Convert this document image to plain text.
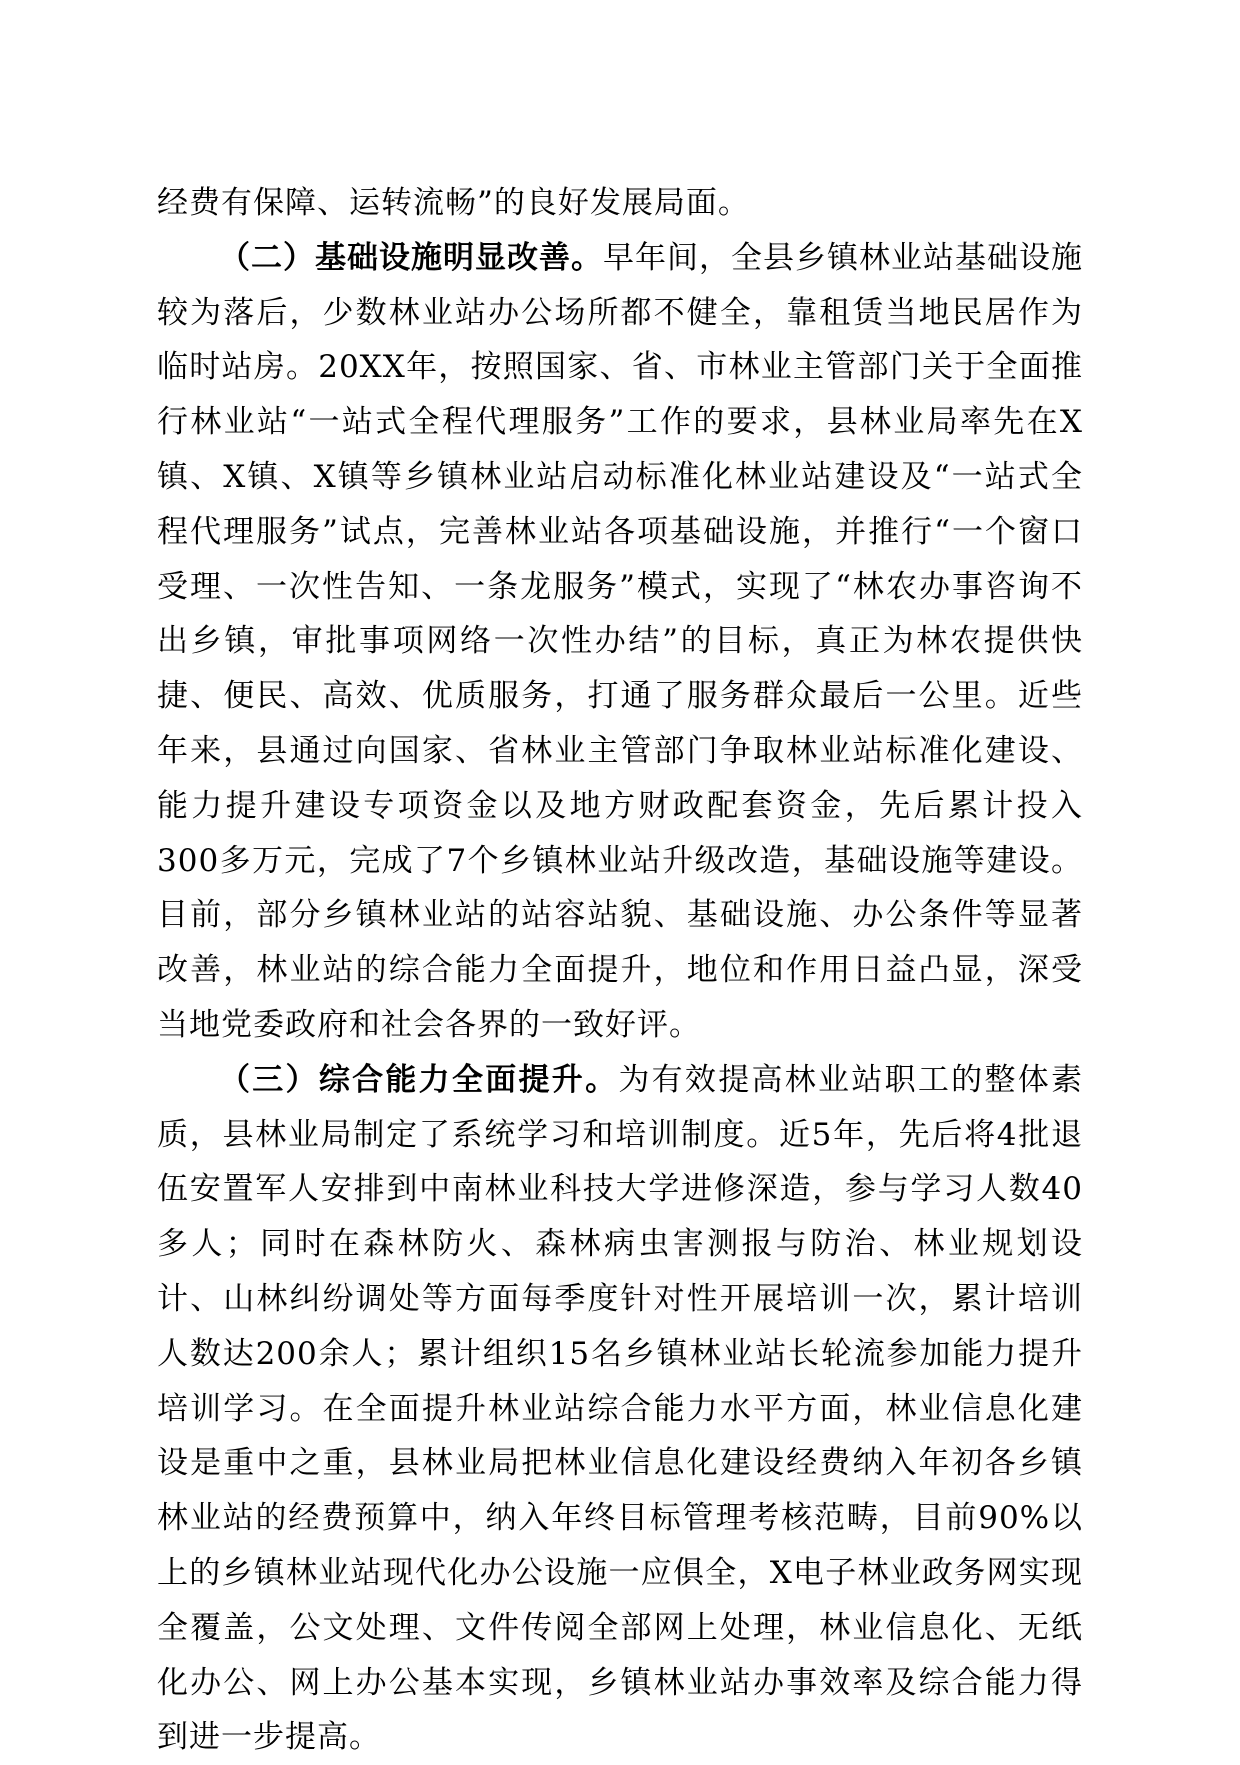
经费有保障、运转流畅”的良好发展局面。

（二）基础设施明显改善。早年间，全县乡镇林业站基础设施较为落后，少数林业站办公场所都不健全，靠租赁当地民居作为临时站房。20XX年，按照国家、省、市林业主管部门关于全面推行林业站“一站式全程代理服务”工作的要求，县林业局率先在X镇、X镇、X镇等乡镇林业站启动标准化林业站建设及“一站式全程代理服务”试点，完善林业站各项基础设施，并推行“一个窗口受理、一次性告知、一条龙服务”模式，实现了“林农办事咨询不出乡镇，审批事项网络一次性办结”的目标，真正为林农提供快捷、便民、高效、优质服务，打通了服务群众最后一公里。近些年来，县通过向国家、省林业主管部门争取林业站标准化建设、能力提升建设专项资金以及地方财政配套资金，先后累计投入300多万元，完成了7个乡镇林业站升级改造，基础设施等建设。目前，部分乡镇林业站的站容站貌、基础设施、办公条件等显著改善，林业站的综合能力全面提升，地位和作用日益凸显，深受当地党委政府和社会各界的一致好评。

（三）综合能力全面提升。为有效提高林业站职工的整体素质，县林业局制定了系统学习和培训制度。近5年，先后将4批退伍安置军人安排到中南林业科技大学进修深造，参与学习人数40多人；同时在森林防火、森林病虫害测报与防治、林业规划设计、山林纠纷调处等方面每季度针对性开展培训一次，累计培训人数达200余人；累计组织15名乡镇林业站长轮流参加能力提升培训学习。在全面提升林业站综合能力水平方面，林业信息化建设是重中之重，县林业局把林业信息化建设经费纳入年初各乡镇林业站的经费预算中，纳入年终目标管理考核范畴，目前90%以上的乡镇林业站现代化办公设施一应俱全，X电子林业政务网实现全覆盖，公文处理、文件传阅全部网上处理，林业信息化、无纸化办公、网上办公基本实现，乡镇林业站办事效率及综合能力得到进一步提高。
